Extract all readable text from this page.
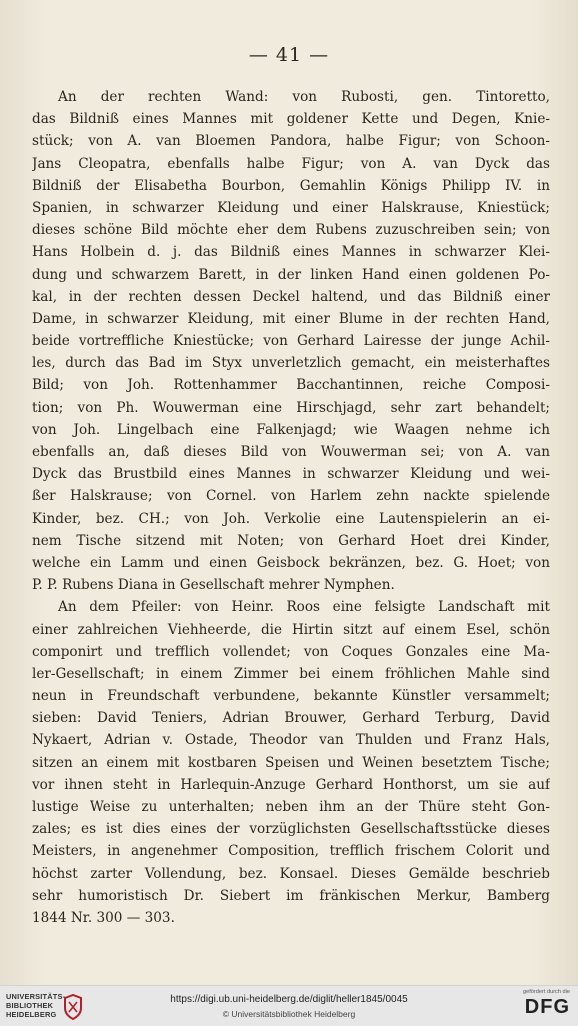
— 41 —
An der rechten Wand: von Rubosti, gen. Tintoretto,
das Bildniß eines Mannes mit goldener Kette und Degen, Knie-
stück; von A. van Bloemen Pandora, halbe Figur; von Schoon-
Jans Cleopatra, ebenfalls halbe Figur; von A. van Dyck das
Bildniß der Elisabetha Bourbon, Gemahlin Königs Philipp IV. in
Spanien, in schwarzer Kleidung und einer Halskrause, Kniestück;
dieses schöne Bild möchte eher dem Rubens zuzuschreiben sein; von
Hans Holbein d. j. das Bildniß eines Mannes in schwarzer Klei-
dung und schwarzem Barett, in der linken Hand einen goldenen Po-
kal, in der rechten dessen Deckel haltend, und das Bildniß einer
Dame, in schwarzer Kleidung, mit einer Blume in der rechten Hand,
beide vortreffliche Kniestücke; von Gerhard Lairesse der junge Achil-
les, durch das Bad im Styx unverletzlich gemacht, ein meisterhaftes
Bild; von Joh. Rottenhammer Bacchantinnen, reiche Composi-
tion; von Ph. Wouwerman eine Hirschjagd, sehr zart behandelt;
von Joh. Lingelbach eine Falkenjagd; wie Waagen nehme ich
ebenfalls an, daß dieses Bild von Wouwerman sei; von A. van
Dyck das Brustbild eines Mannes in schwarzer Kleidung und wei-
ßer Halskrause; von Cornel. von Harlem zehn nackte spielende
Kinder, bez. CH.; von Joh. Verkolie eine Lautenspielerin an ei-
nem Tische sitzend mit Noten; von Gerhard Hoet drei Kinder,
welche ein Lamm und einen Geisbock bekränzen, bez. G. Hoet; von
P. P. Rubens Diana in Gesellschaft mehrer Nymphen.
An dem Pfeiler: von Heinr. Roos eine felsigte Landschaft mit
einer zahlreichen Viehheerde, die Hirtin sitzt auf einem Esel, schön
componirt und trefflich vollendet; von Coques Gonzales eine Ma-
ler-Gesellschaft; in einem Zimmer bei einem fröhlichen Mahle sind
neun in Freundschaft verbundene, bekannte Künstler versammelt;
sieben: David Teniers, Adrian Brouwer, Gerhard Terburg, David
Nykaert, Adrian v. Ostade, Theodor van Thulden und Franz Hals,
sitzen an einem mit kostbaren Speisen und Weinen besetztem Tische;
vor ihnen steht in Harlequin-Anzuge Gerhard Honthorst, um sie auf
lustige Weise zu unterhalten; neben ihm an der Thüre steht Gon-
zales; es ist dies eines der vorzüglichsten Gesellschaftsstücke dieses
Meisters, in angenehmer Composition, trefflich frischem Colorit und
höchst zarter Vollendung, bez. Konsael. Dieses Gemälde beschrieb
sehr humoristisch Dr. Siebert im fränkischen Merkur, Bamberg
1844 Nr. 300 — 303.
UNIVERSITÄTS-
BIBLIOTHEK
HEIDELBERG
https://digi.ub.uni-heidelberg.de/diglit/heller1845/0045
© Universitätsbibliothek Heidelberg
gefördert durch die
DFG
